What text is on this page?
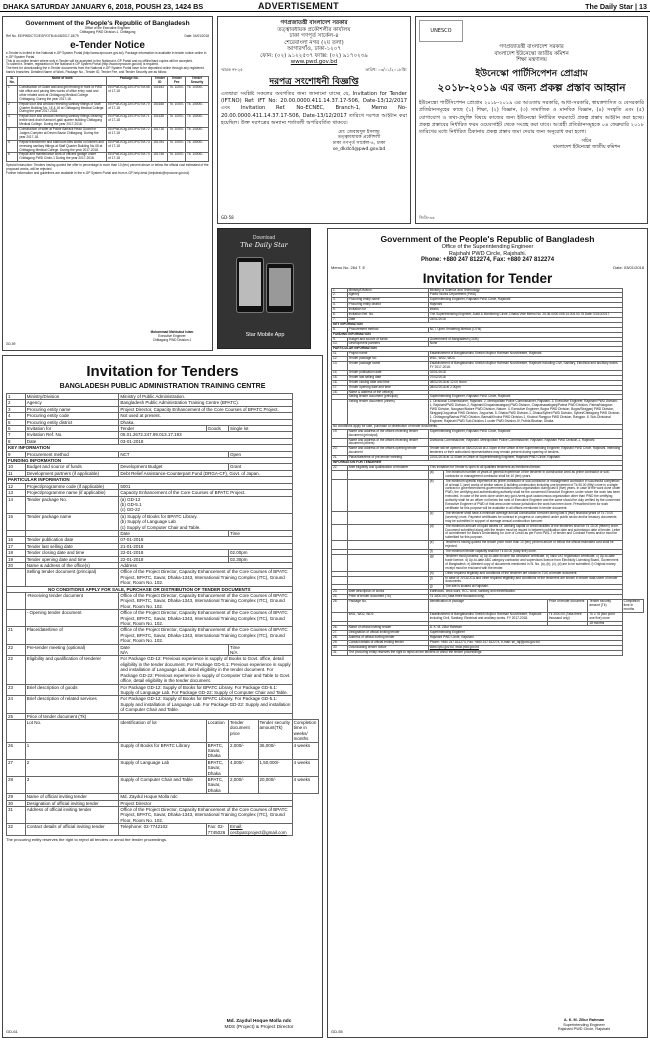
DHAKA SATURDAY JANUARY 6, 2018, POUSH 23, 1424 BS	ADVERTISEMENT	The Daily Star | 13
Government of the People's Republic of Bangladesh
Office of the Executive Engineer
Chittagong PWD Division-1, Chittagong
Ref No. EE/PWD/CTG/EGP/OTM-6/4/8/2017-18/79	Date: 04/01/2018
e-Tender Notice
e-Tender is invited in the National e-GP System Portal (http://www.eprocure.gov.bd). Package information is available in tender notice online in e-GP System Portal.
This is an online tender where only e-Tender will be accepted in the National e-GP Portal and no offline/hard copies will be accepted.
To submit e-Tender, registration in the National e-GP System Portal (http://www.eprocure.gov.bd) is required.
The fees for downloading the e-Tender documents from the National e-GP System Portal have to be deposited online through any registered bank's branches. Detailed Name of Work, Package No., Tender ID, Tender Fee, and Tender Security are as follow:
Sl. No.	Name of work	Package No.	Tender ID	Tender Fee	Tender Security
1	Construction of Guide wall and grill fencing in front of PWD site office and paving tiles works of office entry road and other related work at Chittagong Medical College Chittagong. During the year 2017-18.	EE/PWD/Ctg-1/EGP/OTM-56 of 17-18	151643	Tk. 1000/-	Tk. 10000/-
2	Repair door and window renewing sanitary fittings of Staff Quarter Building No. 15 & 16 at Chittagong Medical College. During the year 2017-2018.	EE/PWD/Ctg-1/EGP/OTM-70 of 17-18	151648	Tk. 1000/-	Tk. 15000/-
3	Repair door and window renewing sanitary fittings cleaning textile tank drain Kamal el-gadi quarter building Chittagong Medical College. During the year 2017-2018.	EE/PWD/Ctg-1/EGP/OTM-71 of 17-18	151638	Tk. 1000/-	Tk. 15000/-
4	Construction of toilet at Police Barrack Head Guard for Judges Complex at Deven Bazar Chittagong. During the year 2017-18.	EE/PWD/Ctg-1/EGP/OTM-72 of 17-18	151716	Tk. 1000/-	Tk. 10000/-
5	Repair transformer and bathroom tiles works on kitchen and renewing sanitary fittings at Staff Quarter Building No-06 at Chittagong Medical College. During the year 2017-2018.	EE/PWD/Ctg-1/EGP/OTM-73 of 17-18	151784	Tk. 1000/-	Tk. 15000/-
6	Repair and maintenance work of officers garage under Chittagong PWD Circle-1 During the year 2017-2018.	EE/PWD/Ctg-1/EGP/OTM-74 of 17-18	151746	Tk. 1000/-	Tk. 10000/-
Special Instruction: Tenders having quoted the offer in percentage is more than 10 (ten) percent above or below the official cost estimated of the proposed works, will be rejected.
Further information and guidelines are available in the e-GP System Portal and from e-GP help desk (helpdesk@eprocure.gov.bd).
Mohammad Mahbubul Islam
Executive Engineer
Chittagong PWD Division-1
GD-59
গণপ্রজাতন্ত্রী বাংলাদেশ সরকার
তত্ত্বাবধায়ক প্রকৌশলীর কার্যালয়
ঢাকা গণপূর্ত সার্কেল-৪
শেরেবাংলা নগর (২য় তলা)
আগারগাঁও, ঢাকা-১২০৭
ফোন: (০২) ৯১২২৫৩৭ ফ্যাক্স: (০২) ৯১৭০২৩৯
www.pwd.gov.bd
স্মারক নং-২৫	তারিখ: ০৩/০১/২০১৮খ্রি:
দরপত্র সংশোধনী বিজ্ঞপ্তি
এতদ্বারা সংশ্লিষ্ট সকলের অবগতির জন্য জানানো যাচ্ছে যে, Invitation for Tender (IFT.NO) Ref: IFT No: 20.00.0000.411.14.37.17-506, Date-13/12/2017 এবং Invitation Ref. No-ECNEC, Branch-1, Memo No-20.00.0000.411.14.37.17-506, Date-13/12/2017 তারিখে দরপত্র আহ্বান করা হয়েছিল। উক্ত দরপত্রের অন্যান্য শর্তাবলী অপরিবর্তিত থাকবে।
মো: জেবায়দুল ইসলাম
তত্ত্বাবধায়ক প্রকৌশলী
ঢাকা গণপূর্ত সার্কেল-৪, ঢাকা
se_dkdc4@pwd.gov.bd
GD-58
UNESCO
গণপ্রজাতন্ত্রী বাংলাদেশ সরকার
বাংলাদেশ ইউনেস্কো জাতীয় কমিশন
শিক্ষা মন্ত্রণালয়
ইউনেস্কো পার্টিসিপেশন প্রোগ্রাম
২০১৮-২০১৯ এর জন্য প্রকল্প প্রস্তাব আহ্বান
ইউনেস্কো পার্টিসিপেশন প্রোগ্রাম ২০১৮-২০১৯ এর আওতায় সরকারি, আধা-সরকারি, স্বায়ত্তশাসিত ও বেসরকারি প্রতিষ্ঠানসমূহের কাছে (১) শিক্ষা, (২) বিজ্ঞান, (৩) সামাজিক ও মানবিক বিজ্ঞান, (৪) সংস্কৃতি এবং (৫) যোগাযোগ ও তথ্য-প্রযুক্তি বিষয়ে কাজের জন্য ইউনেস্কো নির্ধারিত ফরম্যাটে প্রকল্প প্রস্তাব আহ্বান করা হচ্ছে। প্রকল্প প্রস্তাবের নির্ধারিত ফরম ওয়েবসাইট থেকে সংগ্রহ করা যাবে। আগ্রহী প্রতিষ্ঠানসমূহকে ০৪ ফেব্রুয়ারি ২০১৮ তারিখের মধ্যে নির্ধারিত ঠিকানায় প্রকল্প প্রস্তাব জমা দেয়ার জন্য অনুরোধ করা হলো।
সচিব
বাংলাদেশ ইউনেস্কো জাতীয় কমিশন
জিডি-৩৩
Download
The Daily Star
Star Mobile App
Invitation for Tenders
BANGLADESH PUBLIC ADMINISTRATION TRAINING CENTRE
1	Ministry/Division	Ministry of Public Administration.				
2	Agency	Bangladesh Public Administration Training Centre (BPATC).				
3	Procuring entity name	Project Director, Capacity Enhancement of the Core Courses of BPATC Project.				
4	Procuring entity code	Not used at present.				
5	Procuring entity district	Dhaka.				
6	Invitation for	Tender	Goods	Single lot		
7	Invitation Ref. No.	05.01.2672.247.99.013.17.193				
8	Date	03-01-2018				
KEY INFORMATION						
9	Procurement method	NCT		Open		
FUNDING INFORMATION						
10	Budget and source of funds	Development Budget		Grant		
11	Development partners (if applicable)	Debt Relief Assistance-Counterpart Fund (DRGA-CF), Govt. of Japan.				
PARTICULAR INFORMATION						
12	Project/programme code (if applicable)	5001				
13	Project/programme name (if applicable)	Capacity Enhancement of the Core Courses of BPATC Project.				
14	Tender package No.	(a) GD-12
(b) GD-5.1
(c) GD-22				
15	Tender package name	(a) Supply of Books for BPATC Library.
(b) Supply of Language Lab
(c) Supply of Computer Chair and Table.				
		Date		Time		
16	Tender publication date	07-01-2018				
17	Tender last selling date	21-01-2018				
18	Tender closing date and time	22-01-2018		02.00pm		
19	Tender opening date and time	22-01-2018		02.30pm		
20	Name & address of the office(s)	Address				
	Selling tender document (principal)	Office of the Project Director, Capacity Enhancement of the Core Courses of BPATC Project, BPATC, Savar, Dhaka-1343, International Training Complex (ITC), Ground Floor, Room No. 102.				
NO CONDITIONS APPLY FOR SALE, PURCHASE OR DISTRIBUTION OF TENDER DOCUMENTS						
	-Receiving tender document	Office of the Project Director, Capacity Enhancement of the Core Courses of BPATC Project, BPATC, Savar, Dhaka-1343, International Training Complex (ITC), Ground Floor, Room No. 102.				
	- Opening tender document	Office of the Project Director, Capacity Enhancement of the Core Courses of BPATC Project, BPATC, Savar, Dhaka-1343, International Training Complex (ITC), Ground Floor, Room No. 102.				
21	Place/date/time of	Office of the Project Director, Capacity Enhancement of the Core Courses of BPATC Project, BPATC, Savar, Dhaka-1343, International Training Complex (ITC), Ground Floor, Room No. 102.				
22	Pre-tender meeting (optional)	Date
N/A		Time
N/A		
22	Eligibility and qualification of tenderer	For Package GD-12: Previous experience in supply of Books to Govt. office, detail eligibility in the tender document. For Package GD-5.1: Previous experience in supply and installation of Language Lab, detail eligibility in the tender document. For Package GD-22: Previous experience in supply of Computer Chair and Table to Govt. office, detail eligibility in the tender document.				
23	Brief description of goods	For Package GD-12: Supply of Books for BPATC Library. For Package GD-5.1: Supply of Language Lab. For Package GD-22: Supply of Computer Chair and Table.				
24	Brief description of related services	For Package GD-12: Supply of Books for BPATC Library. For Package GD-5.1: Supply and installation of Language Lab. For Package GD-22: Supply and installation of Computer Chair and Table.				
25	Price of tender document (Tk)					
	Lot No.	Identification of lot	Location	Tender document price	Tender security amount(Tk)	Completion time in weeks/ months
26	1	Supply of Books for BPATC Library	BPATC, Savar, Dhaka	2,000/-	36,000/-	4 weeks
27	2	Supply of Language Lab	BPATC, Savar, Dhaka	4,000/-	1,50,000/-	4 weeks
28	3	Supply of Computer Chair and Table	BPATC, Savar, Dhaka	2,000/-	20,000/-	4 weeks
29	Name of official inviting tender	Md. Zaydul Hoque Molla ndc				
30	Designation of official inviting tender	Project Director				
31	Address of official inviting tender	Office of the Project Director, Capacity Enhancement of the Core Courses of BPATC Project, BPATC, Savar, Dhaka-1343, International Training Complex (ITC), Ground Floor, Room No. 102.				
32	Contact details of official inviting tender	Telephone: 02-7742102	Fax: 02-7745026	Email: cecbpatcproject@gmail.com		
The procuring entity reserves the right to reject all tenders or annul the tender proceedings.
Md. Zaydul Hoque Molla ndc
MDS (Project) & Project Director
GD-61
Government of the People's Republic of Bangladesh
Office of the Superintending Engineer
Rajshahi PWD Circle, Rajshahi.
Phone: +880 247 812274, Fax: +880 247 812274
Memo No. 264 T. E	Date: 03/01/2018
Invitation for Tender
1.	Ministry/Division	Ministry of Science and Technology				
2.	Agency	Public Works Department (PWD)				
3.	Procuring entity name	Superintending Engineer, Rajshahi PWD Circle, Rajshahi				
4.	Procuring entity district	Rajshahi				
5.	Invitation for	Works				
6.	Invitation Ref. No.	The Superintending Engineer, Audit & Monitoring Circle, Dhaka Vide Memo No. 25.36.0000.008.14.004.00.78 Date: 03/10/2017.				
7.	Date	03/01/2018				
KEY INFORMATION						
8.	Procurement method	NCT Open Tendering Method (OTM)				
FUNDING INFORMATION						
9.	Budget and source of funds	Government of Bangladesh (GOB)				
10.	Development partners	None				
PARTICULAR INFORMATION						
11.	Project name	Establishment of Bangabandhu Sheikh Mujibur Rahman Novotheatre, Rajshahi.				
12.	Tender package No.	WD1, WD2, WD3.				
13.	Tender package name	Establishment of Bangabandhu Sheikh Mujibur Rahman Novotheatre, Rajshahi including Civil, Sanitary, Electrical and ancillary works. FY 2017-2018.				
14.	Tender publication date	02/01/2018				
15.	Tender last selling date	07/02/2018				
16.	Tender closing date and time	08/02/2018 at 12.00 Noon				
17.	Tender opening date and time	08/02/2018 at 2.00pm				
18.	Name & address of the office(s)					
	Selling tender document (principal)	Superintending Engineer, Rajshahi PWD Circle, Rajshahi				
	Selling tender document (others)	1. Divisional Commissioner, Rajshahi. 2. Metropolitan Police Commissioner, Rajshahi. 3. Executive Engineer, Rajshahi PWD Division-1, Rajshahi/PWD Division-2, Rajshahi/Chapainawabganj PWD Division, Chapainawabganj/Pabna PWD Division, Pabna/Naogaon PWD Division, Naogaon/Natore PWD Division, Natore. 4. Executive Engineer, Bogra PWD Division, Bogra/Sirajganj PWD Division, Sirajganj/Joypurhat PWD Division, Joypurhat. 5. Dhaka PWD Division-1, Dhaka/Sylhet PWD Division, Sylhet/Chittagong PWD Division-1, Chittagong/Barisal PWD Division, Barisal/Khulna PWD Division-1, Khulna/ Rangpur PWD Division, Rangpur. 6. Sub-Divisional Engineer, Rajshahi PWD Sub-Division-1 under PWD Division-IV, Puthia Bhaban, Dhaka.				
No conditions apply for sale, purchase or distribution of tender documents.						
19.	Name and address of the offices receiving tender document (principal)	Superintending Engineer, Rajshahi PWD Circle, Rajshahi				
	Name and address of the offices receiving tender document (others)	Divisional Commissioner, Rajshahi. Metropolitan Police Commissioner, Rajshahi. Rajshahi PWD Division-1, Rajshahi.				
20.	Name and address of the offices opening tender document	Tender will be opened on 08/02/2018 at 2.00pm in the Office of the Superintending Engineer, Rajshahi PWD Circle, Rajshahi. Intending tenderers or their authorized representatives may remain present during opening of tenders.				
21.	Place/date/time of pre-tender meeting	22/01/2018 at 11.00am in Office of Superintending Engineer, Rajshahi PWD Circle, Rajshahi.				
INFORMATION FOR TENDERER						
22.	Brief eligibility and qualification of tenderer	This Invitation for Tender is open to all qualified tenderers as mentioned below:				
		(a)	The minimum number of years of general experience of the tenderer in construction work as prime contractor or sub-contractor or management contractor shall be 10 (ten) years.			
		(b)	The minimum specific experience as prime contractor or sub-contractor or management contractor in successful completion of at least 1 (one) works of similar nature & building construction including one tenement of Tk 50.00 (fifty) crore in a single contract in government/semi-government/autonomous organization during last 5 (five) years. In case of the work done under PWD, the certifying and authenticating authority shall be the concerned Executive Engineer, under whom the work has been executed. In case of the work done under any govt./semi-govt./autonomous organization other than PWD the certifying authority shall be an officer not below the rank of Executive Engineer and the same should be duly verified by the concerned Executive Engineer of PWD of that area under whose jurisdiction the work has been done. Prescribed form for work certificate for this purpose will be available in all offices mentioned in tender document.			
		(c)	The tenderer shall have a minimum average annual construction turnover during last 5 (five) financial years of Tk 70.00 (seventy) crore. Payment certificates for contract in progress or completed under public sector and/or treasury documents may be submitted in support of average annual construction turnover.			
		(d)	The minimum amount of liquid assets i.e. working capital or credit facilities of the tenderers shall be Tk 15.00 (fifteen) crore. Document submitted along with the tender must be issued in between publication date and submission date of tender. Letter of commitment for Bank's Undertaking for Line of Credit as per Form PW1-7 of tender and Contract Forms and/or must be submitted for this purpose.			
		(e)	Tenderer's having quoted the tender price more than 10 (ten) percent above or below the official estimated cost shall be rejected.			
		(f)	The minimum tender capacity shall be Tk 60.00 (sixty-five) crore.			
		(g)	Tenderer must possess: a) Up-to-date income tax clearance certificate. b) Valid VAT registration certificate. c) Up-to-date trade licence. d) Up-to-date ABC category contractor and supervisors licence from Electricity Licensing Board, Government of Bangladesh. e) Attested copy of documents mentioned in Sl. No. (a), (b), (c), (d) are to be submitted. f) Original money receipt must be enclosed with the tender.			
		(h)	Other required eligibility and conditions of the tenderer are shown in TDS of tender document.			
		(i)	In case of JVCA/JCA and other required eligibility and conditions of the tenderers are shown in tender data sheet of tender documents.			
		(j)	The site is located at Rajshahi.			
23.	Brief description of works	Earthwork, brick work, RCC work, sanitary and electrification.				
24.	Price of tender document (Tk)	Tk 3000.00 (Taka three thousand only)				
25.	Package No.	Identification of package		Price of tender document	Tender security amount (Tk)	Completion time in months
	WD1, WD2, WD3	Establishment of Bangabandhu Sheikh Mujibur Rahman Novotheatre, Rajshahi including Civil, Sanitary, Electrical and ancillary works. FY 2017-2018.		Tk 3000.00 (Taka three thousand only)	Tk 2.78 (two point one five) crore	
					18 months	
26.	Name of official inviting tender	A. K. M. Zillur Rahman				
27.	Designation of official inviting tender	Superintending Engineer				
28.	Address of official inviting tender	Rajshahi PWD Circle, Rajshahi				
29.	Contact details of official inviting tender	Phone: +880 247 812274, Fax: +880 247 812274, e-mail: se_raj@pwd.gov.bd				
30.	Downloading tender notice	www.cptu.gov.bd, www.pwd.gov.bd				
31.	The procuring entity reserves the right to reject all the tenders or annul the tender proceedings.					
A. K. M. Zillur Rahman
Superintending Engineer
Rajshahi PWD Circle, Rajshahi
GD-55
